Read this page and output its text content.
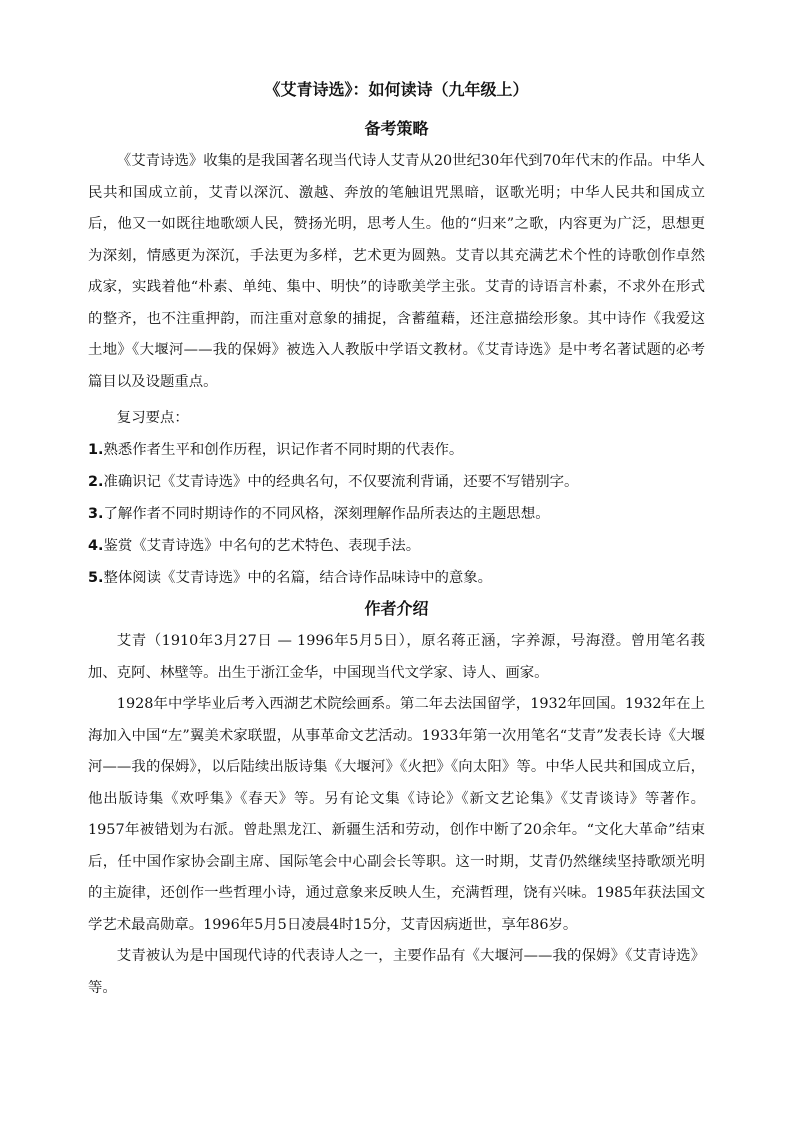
《艾青诗选》：如何读诗（九年级上）
备考策略

《艾青诗选》收集的是我国著名现当代诗人艾青从20世纪30年代到70年代末的作品。中华人民共和国成立前，艾青以深沉、激越、奔放的笔触诅咒黑暗，讴歌光明；中华人民共和国成立后，他又一如既往地歌颂人民，赞扬光明，思考人生。他的“归来”之歌，内容更为广泛，思想更为深刻，情感更为深沉，手法更为多样，艺术更为圆熟。艾青以其充满艺术个性的诗歌创作卓然成家，实践着他“朴素、单纯、集中、明快”的诗歌美学主张。艾青的诗语言朴素，不求外在形式的整齐，也不注重押韵，而注重对意象的捕捉，含蓄蕴藉，还注意描绘形象。其中诗作《我爱这土地》《大堰河——我的保姆》被选入人教版中学语文教材。《艾青诗选》是中考名著试题的必考篇目以及设题重点。

复习要点：

1.熟悉作者生平和创作历程，识记作者不同时期的代表作。
2.准确识记《艾青诗选》中的经典名句，不仅要流利背诵，还要不写错别字。
3.了解作者不同时期诗作的不同风格，深刻理解作品所表达的主题思想。
4.鉴赏《艾青诗选》中名句的艺术特色、表现手法。
5.整体阅读《艾青诗选》中的名篇，结合诗作品味诗中的意象。
作者介绍

艾青（1910年3月27日 — 1996年5月5日），原名蒋正涵，字养源，号海澄。曾用笔名莪加、克阿、林壁等。出生于浙江金华，中国现当代文学家、诗人、画家。

1928年中学毕业后考入西湖艺术院绘画系。第二年去法国留学，1932年回国。1932年在上海加入中国“左”翼美术家联盟，从事革命文艺活动。1933年第一次用笔名“艾青”发表长诗《大堰河——我的保姆》，以后陆续出版诗集《大堰河》《火把》《向太阳》等。中华人民共和国成立后，他出版诗集《欢呼集》《春天》等。另有论文集《诗论》《新文艺论集》《艾青谈诗》等著作。1957年被错划为右派。曾赴黑龙江、新疆生活和劳动，创作中断了20余年。“文化大革命”结束后，任中国作家协会副主席、国际笔会中心副会长等职。这一时期，艾青仍然继续坚持歌颂光明的主旋律，还创作一些哲理小诗，通过意象来反映人生，充满哲理，饶有兴味。1985年获法国文学艺术最高勋章。1996年5月5日凌晨4时15分，艾青因病逝世，享年86岁。

艾青被认为是中国现代诗的代表诗人之一，主要作品有《大堰河——我的保姆》《艾青诗选》等。
